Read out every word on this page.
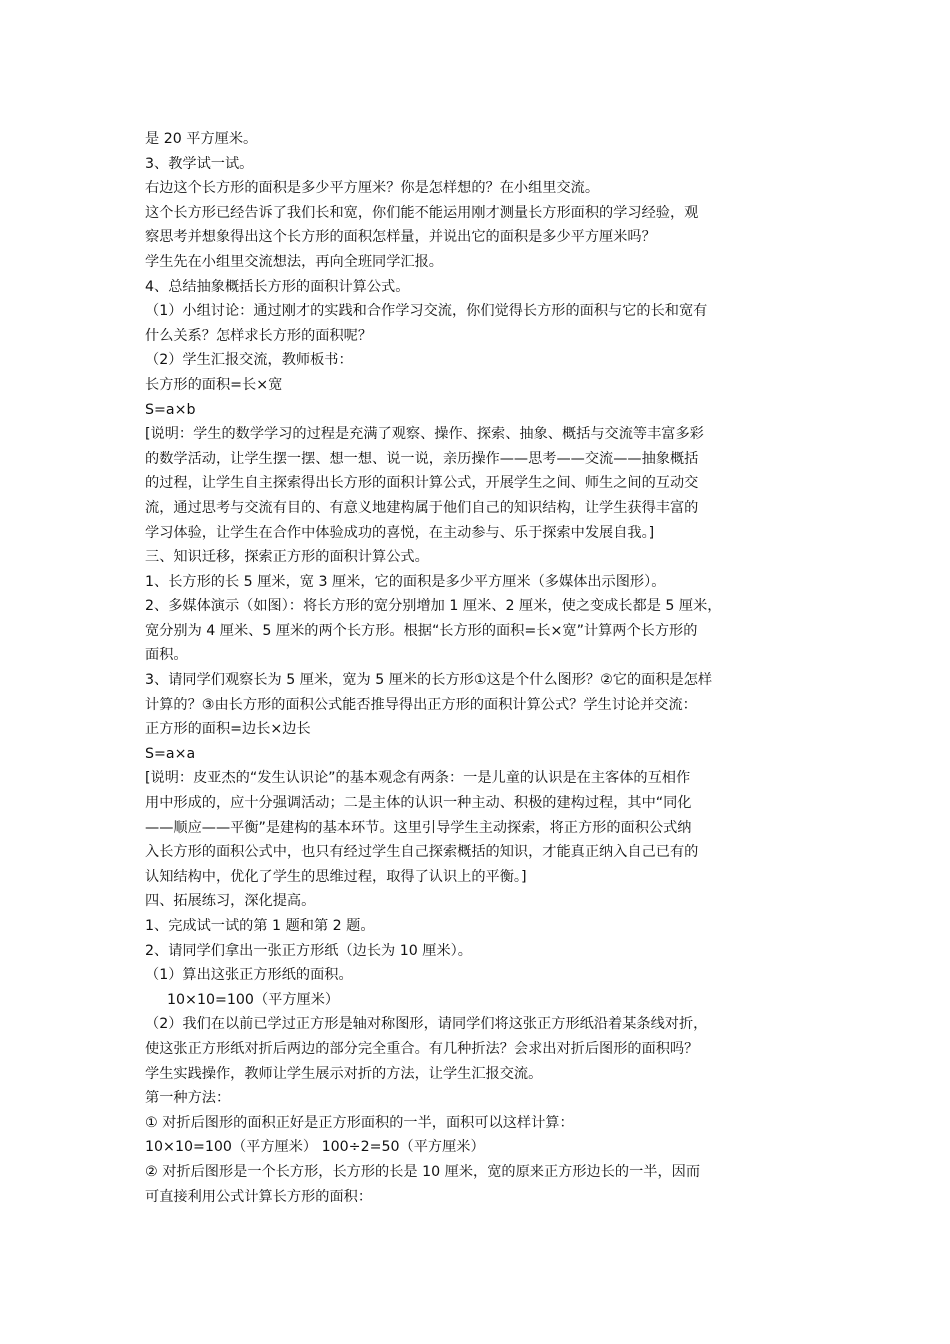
是 20 平方厘米。
3、教学试一试。
右边这个长方形的面积是多少平方厘米？你是怎样想的？在小组里交流。
这个长方形已经告诉了我们长和宽，你们能不能运用刚才测量长方形面积的学习经验，观
察思考并想象得出这个长方形的面积怎样量，并说出它的面积是多少平方厘米吗？
学生先在小组里交流想法，再向全班同学汇报。
4、总结抽象概括长方形的面积计算公式。
（1）小组讨论：通过刚才的实践和合作学习交流，你们觉得长方形的面积与它的长和宽有
什么关系？怎样求长方形的面积呢？
（2）学生汇报交流，教师板书：
长方形的面积=长×宽
S=a×b
[说明：学生的数学学习的过程是充满了观察、操作、探索、抽象、概括与交流等丰富多彩
的数学活动，让学生摆一摆、想一想、说一说，亲历操作——思考——交流——抽象概括
的过程，让学生自主探索得出长方形的面积计算公式，开展学生之间、师生之间的互动交
流，通过思考与交流有目的、有意义地建构属于他们自己的知识结构，让学生获得丰富的
学习体验，让学生在合作中体验成功的喜悦，在主动参与、乐于探索中发展自我。]
三、知识迁移，探索正方形的面积计算公式。
1、长方形的长 5 厘米，宽 3 厘米，它的面积是多少平方厘米（多媒体出示图形）。
2、多媒体演示（如图）：将长方形的宽分别增加 1 厘米、2 厘米，使之变成长都是 5 厘米，
宽分别为 4 厘米、5 厘米的两个长方形。根据“长方形的面积=长×宽”计算两个长方形的
面积。
3、请同学们观察长为 5 厘米，宽为 5 厘米的长方形①这是个什么图形？②它的面积是怎样
计算的？③由长方形的面积公式能否推导得出正方形的面积计算公式？学生讨论并交流：
正方形的面积=边长×边长
S=a×a
[说明：皮亚杰的“发生认识论”的基本观念有两条：一是儿童的认识是在主客体的互相作
用中形成的，应十分强调活动；二是主体的认识一种主动、积极的建构过程，其中“同化
——顺应——平衡”是建构的基本环节。这里引导学生主动探索，将正方形的面积公式纳
入长方形的面积公式中，也只有经过学生自己探索概括的知识，才能真正纳入自己已有的
认知结构中，优化了学生的思维过程，取得了认识上的平衡。]
四、拓展练习，深化提高。
1、完成试一试的第 1 题和第 2 题。
2、请同学们拿出一张正方形纸（边长为 10 厘米）。
（1）算出这张正方形纸的面积。
10×10=100（平方厘米）
（2）我们在以前已学过正方形是轴对称图形，请同学们将这张正方形纸沿着某条线对折，
使这张正方形纸对折后两边的部分完全重合。有几种折法？会求出对折后图形的面积吗？
学生实践操作，教师让学生展示对折的方法，让学生汇报交流。
第一种方法：
① 对折后图形的面积正好是正方形面积的一半，面积可以这样计算：
10×10=100（平方厘米） 100÷2=50（平方厘米）
② 对折后图形是一个长方形，长方形的长是 10 厘米，宽的原来正方形边长的一半，因而
可直接利用公式计算长方形的面积：
